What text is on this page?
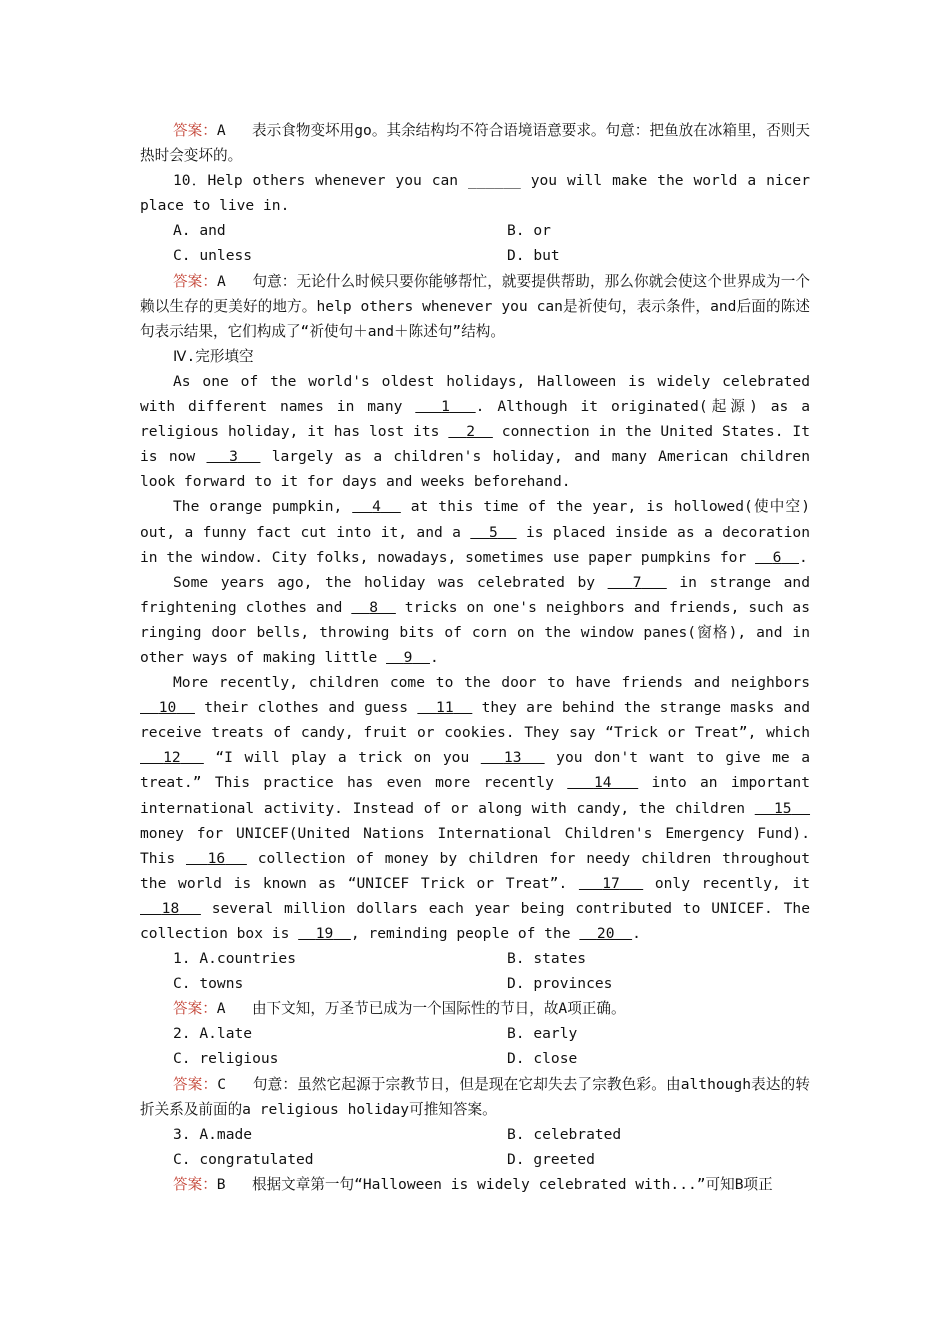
答案：A 表示食物变坏用go。其余结构均不符合语境语意要求。句意：把鱼放在冰箱里，否则天热时会变坏的。

10．Help others whenever you can ______ you will make the world a nicer place to live in.

A. and	B. or
C. unless	D. but

答案：A 句意：无论什么时候只要你能够帮忙，就要提供帮助，那么你就会使这个世界成为一个赖以生存的更美好的地方。help others whenever you can是祈使句，表示条件，and后面的陈述句表示结果，它们构成了“祈使句＋and＋陈述句”结构。

Ⅳ.完形填空

As one of the world's oldest holidays, Halloween is widely celebrated with different names in many   1 . Although it originated(起源) as a religious holiday, it has lost its   2   connection in the United States. It is now   3   largely as a children's holiday, and many American children look forward to it for days and weeks beforehand.

The orange pumpkin,   4   at this time of the year, is hollowed(使中空) out, a funny fact cut into it, and a   5   is placed inside as a decoration in the window. City folks, nowadays, sometimes use paper pumpkins for   6 .

Some years ago, the holiday was celebrated by   7   in strange and frightening clothes and   8   tricks on one's neighbors and friends, such as ringing door bells, throwing bits of corn on the window panes(窗格), and in other ways of making little   9 .

More recently, children come to the door to have friends and neighbors   10   their clothes and guess   11   they are behind the strange masks and receive treats of candy, fruit or cookies. They say “Trick or Treat”, which   12   “I will play a trick on you   13   you don't want to give me a treat.” This practice has even more recently   14   into an important international activity. Instead of or along with candy, the children   15   money for UNICEF(United Nations International Children's Emergency Fund). This   16   collection of money by children for needy children throughout the world is known as “UNICEF Trick or Treat”.   17   only recently, it   18   several million dollars each year being contributed to UNICEF. The collection box is   19 , reminding people of the   20 .

1. A.countries	B. states
C. towns	D. provinces

答案：A 由下文知，万圣节已成为一个国际性的节日，故A项正确。

2. A.late	B. early
C. religious	D. close

答案：C 句意：虽然它起源于宗教节日，但是现在它却失去了宗教色彩。由although表达的转折关系及前面的a religious holiday可推知答案。

3. A.made	B. celebrated
C. congratulated	D. greeted

答案：B 根据文章第一句“Halloween is widely celebrated with...”可知B项正
